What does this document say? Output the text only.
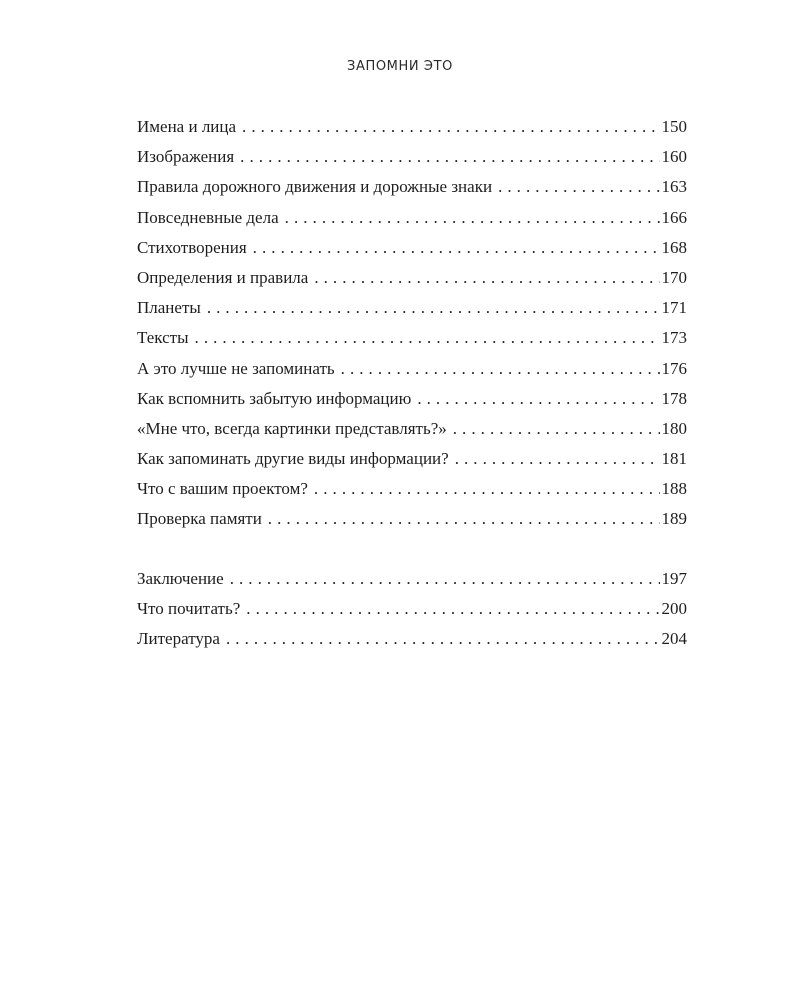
ЗАПОМНИ ЭТО
Имена и лица . . .	150
Изображения . . .	160
Правила дорожного движения и дорожные знаки . . .	163
Повседневные дела . . .	166
Стихотворения . . .	168
Определения и правила . . .	170
Планеты . . .	171
Тексты . . .	173
А это лучше не запоминать . . .	176
Как вспомнить забытую информацию . . .	178
«Мне что, всегда картинки представлять?» . . .	180
Как запоминать другие виды информации? . . .	181
Что с вашим проектом? . . .	188
Проверка памяти . . .	189
Заключение . . .	197
Что почитать? . . .	200
Литература . . .	204
